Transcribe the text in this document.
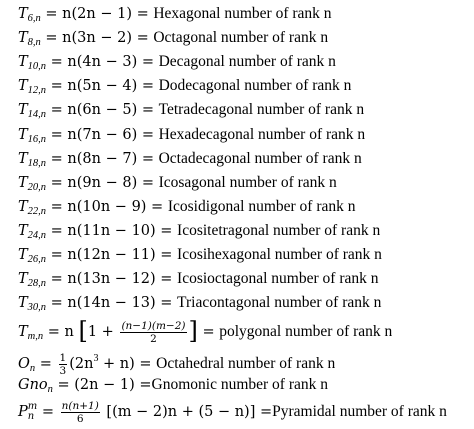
$T_{6,n} = n(2n - 1)$ = Hexagonal number of rank n
$T_{8,n} = n(3n - 2)$ = Octagonal number of rank n
$T_{10,n} = n(4n - 3)$ = Decagonal number of rank n
$T_{12,n} = n(5n - 4)$ = Dodecagonal number of rank n
$T_{14,n} = n(6n - 5)$ = Tetradecagonal number of rank n
$T_{16,n} = n(7n - 6)$ = Hexadecagonal number of rank n
$T_{18,n} = n(8n - 7)$ = Octadecagonal number of rank n
$T_{20,n} = n(9n - 8)$ = Icosagonal number of rank n
$T_{22,n} = n(10n - 9)$ = Icosidigonal number of rank n
$T_{24,n} = n(11n - 10)$ = Icositetragonal number of rank n
$T_{26,n} = n(12n - 11)$ = Icosihexagonal number of rank n
$T_{28,n} = n(13n - 12)$ = Icosioctagonal number of rank n
$T_{30,n} = n(14n - 13)$ = Triacontagonal number of rank n
$T_{m,n} = n$ [$1 + \frac{(n-1)(m-2)}{2}$ ] = polygonal number of rank n
$O_n = \frac{1}{3} (2n^3 + n)$ = Octahedral number of rank n
Gno$_n$ = (2n − 1) =Gnomonic number of rank n
P m
$n = \frac{n(n+1)}{6} [(m - 2)n + (5 - n)]$ =Pyramidal number of rank n
